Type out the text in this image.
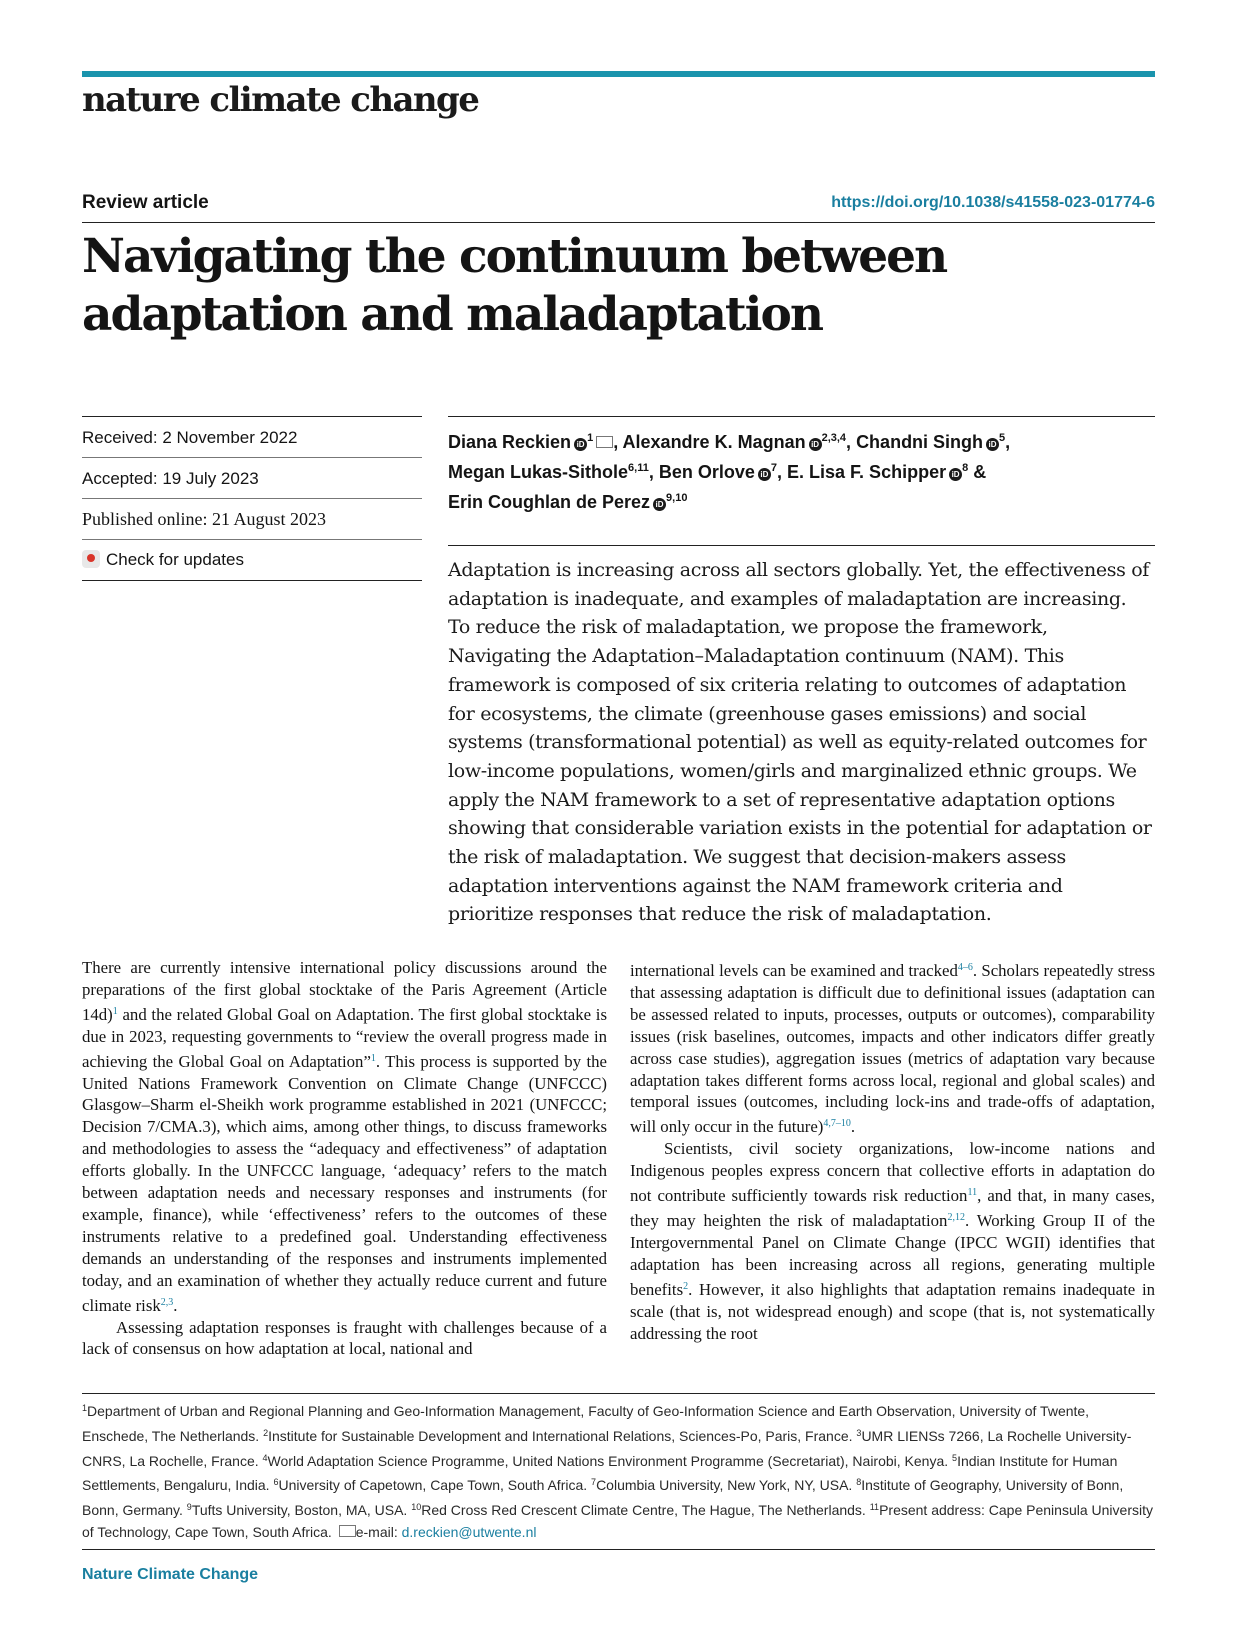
nature climate change
Review article	https://doi.org/10.1038/s41558-023-01774-6
Navigating the continuum between
adaptation and maladaptation
Received: 2 November 2022
Accepted: 19 July 2023
Published online: 21 August 2023
Check for updates
Diana Reckien $iD^1$ , Alexandre K. Magnan iD$^{2,3,4}$, Chandni Singh $iD^5$,
Megan Lukas-Sithole$^{6,11}$, Ben Orlove $iD^7$, E. Lisa F. Schipper $iD^8$ &
Erin Coughlan de Perez iD$^{9,10}$

Adaptation is increasing across all sectors globally. Yet, the effectiveness of adaptation is inadequate, and examples of maladaptation are increasing. To reduce the risk of maladaptation, we propose the framework, Navigating the Adaptation–Maladaptation continuum (NAM). This framework is composed of six criteria relating to outcomes of adaptation for ecosystems, the climate (greenhouse gases emissions) and social systems (transformational potential) as well as equity-related outcomes for low-income populations, women/girls and marginalized ethnic groups. We apply the NAM framework to a set of representative adaptation options showing that considerable variation exists in the potential for adaptation or the risk of maladaptation. We suggest that decision-makers assess adaptation interventions against the NAM framework criteria and prioritize responses that reduce the risk of maladaptation.

There are currently intensive international policy discussions around the preparations of the first global stocktake of the Paris Agreement (Article 14d)$^1$ and the related Global Goal on Adaptation. The first global stocktake is due in 2023, requesting governments to “review the overall progress made in achieving the Global Goal on Adaptation”$^1$. This process is supported by the United Nations Framework Convention on Climate Change (UNFCCC) Glasgow–Sharm el-Sheikh work programme established in 2021 (UNFCCC; Decision 7/CMA.3), which aims, among other things, to discuss frameworks and methodologies to assess the “adequacy and effectiveness” of adaptation efforts globally. In the UNFCCC language, ‘adequacy’ refers to the match between adaptation needs and necessary responses and instruments (for example, finance), while ‘effectiveness’ refers to the outcomes of these instruments relative to a predefined goal. Understanding effectiveness demands an understanding of the responses and instruments implemented today, and an examination of whether they actually reduce current and future climate risk$^{2,3}$.
Assessing adaptation responses is fraught with challenges because of a lack of consensus on how adaptation at local, national and
international levels can be examined and tracked$^{4-6}$. Scholars repeatedly stress that assessing adaptation is difficult due to definitional issues (adaptation can be assessed related to inputs, processes, outputs or outcomes), comparability issues (risk baselines, outcomes, impacts and other indicators differ greatly across case studies), aggregation issues (metrics of adaptation vary because adaptation takes different forms across local, regional and global scales) and temporal issues (outcomes, including lock-ins and trade-offs of adaptation, will only occur in the future)$^{4,7-10}$.
Scientists, civil society organizations, low-income nations and Indigenous peoples express concern that collective efforts in adaptation do not contribute sufficiently towards risk reduction$^{11}$, and that, in many cases, they may heighten the risk of maladaptation$^{2,12}$. Working Group II of the Intergovernmental Panel on Climate Change (IPCC WGII) identifies that adaptation has been increasing across all regions, generating multiple benefits$^2$. However, it also highlights that adaptation remains inadequate in scale (that is, not widespread enough) and scope (that is, not systematically addressing the root

$^1$Department of Urban and Regional Planning and Geo-Information Management, Faculty of Geo-Information Science and Earth Observation, University of Twente, Enschede, The Netherlands. $^2$Institute for Sustainable Development and International Relations, Sciences-Po, Paris, France. $^3$UMR LIENSs 7266, La Rochelle University-CNRS, La Rochelle, France. $^4$World Adaptation Science Programme, United Nations Environment Programme (Secretariat), Nairobi, Kenya. $^5$Indian Institute for Human Settlements, Bengaluru, India. $^6$University of Capetown, Cape Town, South Africa. $^7$Columbia University, New York, NY, USA. $^8$Institute of Geography, University of Bonn, Bonn, Germany. $^9$Tufts University, Boston, MA, USA. $^{10}$Red Cross Red Crescent Climate Centre, The Hague, The Netherlands. $^{11}$Present address: Cape Peninsula University of Technology, Cape Town, South Africa. e-mail: d.reckien@utwente.nl

Nature Climate Change
